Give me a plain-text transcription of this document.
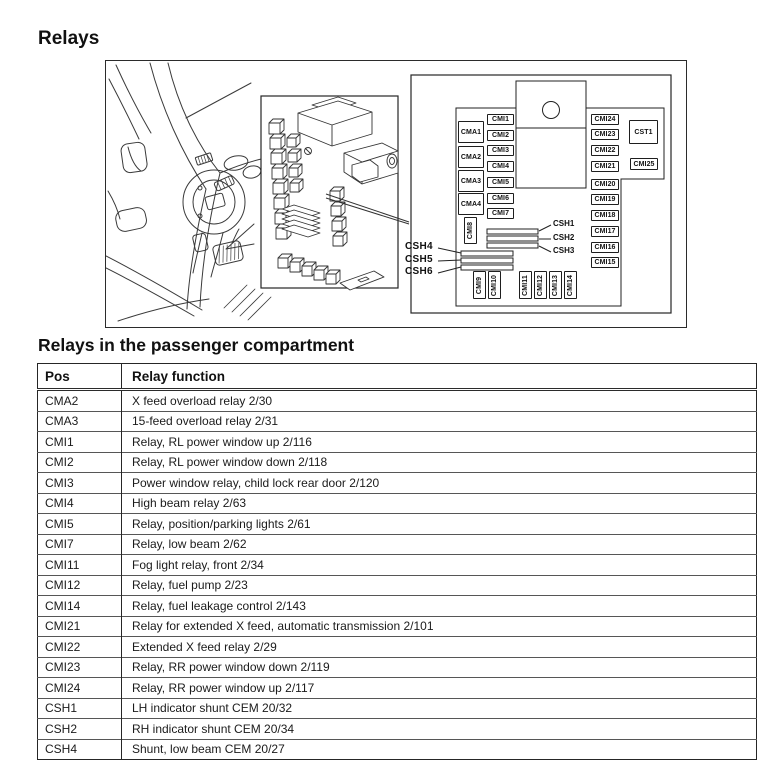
Relays
CMA1
CMA2
CMA3
CMA4
CMI1
CMI2
CMI3
CMI4
CMI5
CMI6
CMI7
CMI8
CMI9 CMI10	CMI11 CMI12 CMI13 CMI14
CMI24
CMI23
CMI22
CMI21
CMI20
CMI19
CMI18
CMI17
CMI16
CMI15
CST1
CMI25
CSH1
CSH2
CSH3
CSH4
CSH5
CSH6
Relays in the passenger compartment
Pos	Relay function
CMA2	X feed overload relay 2/30
CMA3	15-feed overload relay 2/31
CMI1	Relay, RL power window up 2/116
CMI2	Relay, RL power window down 2/118
CMI3	Power window relay, child lock rear door 2/120
CMI4	High beam relay 2/63
CMI5	Relay, position/parking lights 2/61
CMI7	Relay, low beam 2/62
CMI11	Fog light relay, front 2/34
CMI12	Relay, fuel pump 2/23
CMI14	Relay, fuel leakage control 2/143
CMI21	Relay for extended X feed, automatic transmission 2/101
CMI22	Extended X feed relay 2/29
CMI23	Relay, RR power window down 2/119
CMI24	Relay, RR power window up 2/117
CSH1	LH indicator shunt CEM 20/32
CSH2	RH indicator shunt CEM 20/34
CSH4	Shunt, low beam CEM 20/27
